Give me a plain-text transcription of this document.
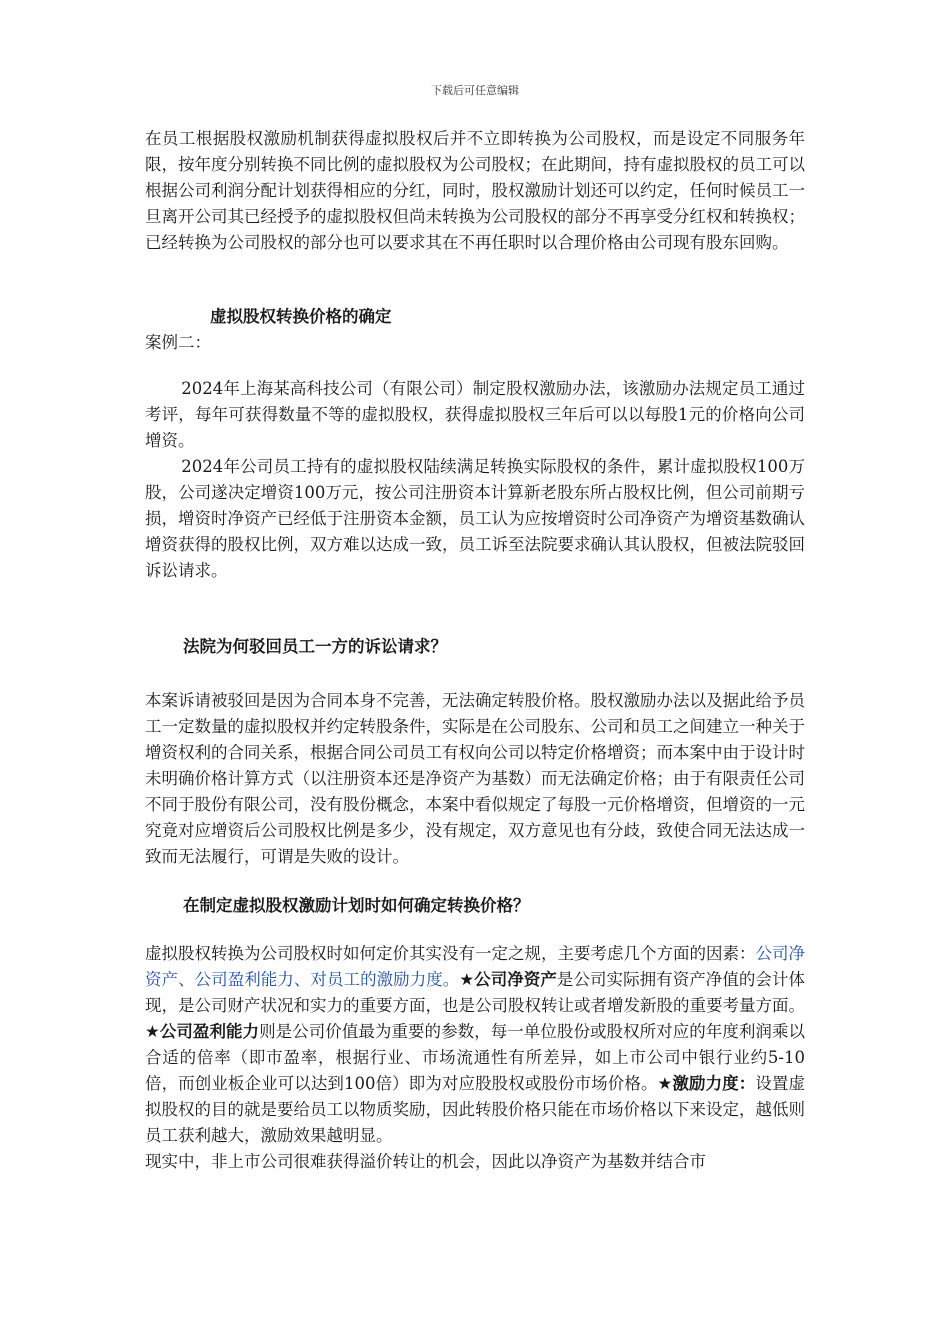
下载后可任意编辑

在员工根据股权激励机制获得虚拟股权后并不立即转换为公司股权，而是设定不同服务年限，按年度分别转换不同比例的虚拟股权为公司股权；在此期间，持有虚拟股权的员工可以根据公司利润分配计划获得相应的分红，同时，股权激励计划还可以约定，任何时候员工一旦离开公司其已经授予的虚拟股权但尚未转换为公司股权的部分不再享受分红权和转换权；已经转换为公司股权的部分也可以要求其在不再任职时以合理价格由公司现有股东回购。

虚拟股权转换价格的确定

案例二：

2024年上海某高科技公司（有限公司）制定股权激励办法，该激励办法规定员工通过考评，每年可获得数量不等的虚拟股权，获得虚拟股权三年后可以以每股1元的价格向公司增资。

2024年公司员工持有的虚拟股权陆续满足转换实际股权的条件，累计虚拟股权100万股，公司遂决定增资100万元，按公司注册资本计算新老股东所占股权比例，但公司前期亏损，增资时净资产已经低于注册资本金额，员工认为应按增资时公司净资产为增资基数确认增资获得的股权比例，双方难以达成一致，员工诉至法院要求确认其认股权，但被法院驳回诉讼请求。

法院为何驳回员工一方的诉讼请求？

本案诉请被驳回是因为合同本身不完善，无法确定转股价格。股权激励办法以及据此给予员工一定数量的虚拟股权并约定转股条件，实际是在公司股东、公司和员工之间建立一种关于增资权利的合同关系，根据合同公司员工有权向公司以特定价格增资；而本案中由于设计时未明确价格计算方式（以注册资本还是净资产为基数）而无法确定价格；由于有限责任公司不同于股份有限公司，没有股份概念，本案中看似规定了每股一元价格增资，但增资的一元究竟对应增资后公司股权比例是多少，没有规定，双方意见也有分歧，致使合同无法达成一致而无法履行，可谓是失败的设计。

在制定虚拟股权激励计划时如何确定转换价格？

虚拟股权转换为公司股权时如何定价其实没有一定之规，主要考虑几个方面的因素：公司净资产、公司盈利能力、对员工的激励力度。★公司净资产是公司实际拥有资产净值的会计体现，是公司财产状况和实力的重要方面，也是公司股权转让或者增发新股的重要考量方面。★公司盈利能力则是公司价值最为重要的参数，每一单位股份或股权所对应的年度利润乘以合适的倍率（即市盈率，根据行业、市场流通性有所差异，如上市公司中银行业约5-10倍，而创业板企业可以达到100倍）即为对应股股权或股份市场价格。★激励力度：设置虚拟股权的目的就是要给员工以物质奖励，因此转股价格只能在市场价格以下来设定，越低则员工获利越大，激励效果越明显。

现实中，非上市公司很难获得溢价转让的机会，因此以净资产为基数并结合市
